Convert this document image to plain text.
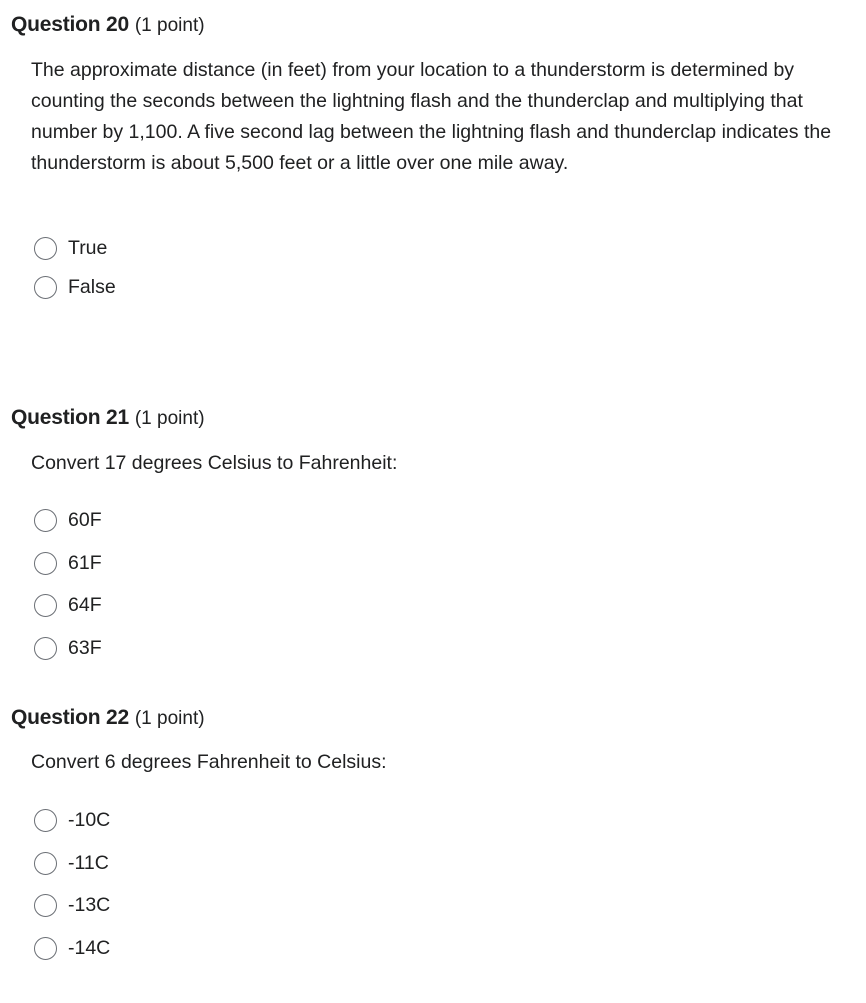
Question 20 (1 point)

The approximate distance (in feet) from your location to a thunderstorm is determined by counting the seconds between the lightning flash and the thunderclap and multiplying that number by 1,100. A five second lag between the lightning flash and thunderclap indicates the thunderstorm is about 5,500 feet or a little over one mile away.

True
False
Question 21 (1 point)

Convert 17 degrees Celsius to Fahrenheit:

60F
61F
64F
63F
Question 22 (1 point)

Convert 6 degrees Fahrenheit to Celsius:

-10C
-11C
-13C
-14C
